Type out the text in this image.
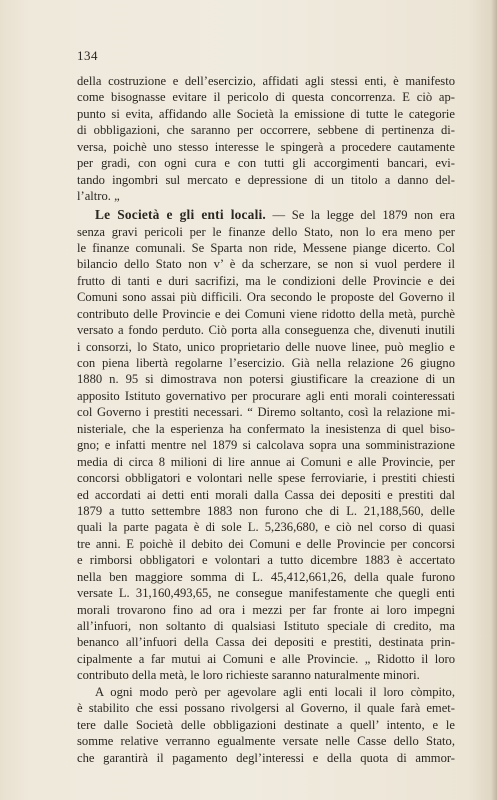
134
della costruzione e dell’esercizio, affidati agli stessi enti, è manifesto
come bisognasse evitare il pericolo di questa concorrenza. E ciò ap-
punto si evita, affidando alle Società la emissione di tutte le categorie
di obbligazioni, che saranno per occorrere, sebbene di pertinenza di-
versa, poichè uno stesso interesse le spingerà a procedere cautamente
per gradi, con ogni cura e con tutti gli accorgimenti bancari, evi-
tando ingombri sul mercato e depressione di un titolo a danno del-
l’altro. „
Le Società e gli enti locali. — Se la legge del 1879 non era
senza gravi pericoli per le finanze dello Stato, non lo era meno per
le finanze comunali. Se Sparta non ride, Messene piange dicerto. Col
bilancio dello Stato non v’ è da scherzare, se non si vuol perdere il
frutto di tanti e duri sacrifizi, ma le condizioni delle Provincie e dei
Comuni sono assai più difficili. Ora secondo le proposte del Governo il
contributo delle Provincie e dei Comuni viene ridotto della metà, purchè
versato a fondo perduto. Ciò porta alla conseguenza che, divenuti inutili
i consorzi, lo Stato, unico proprietario delle nuove linee, può meglio e
con piena libertà regolarne l’esercizio. Già nella relazione 26 giugno
1880 n. 95 si dimostrava non potersi giustificare la creazione di un
apposito Istituto governativo per procurare agli enti morali cointeressati
col Governo i prestiti necessari. “ Diremo soltanto, così la relazione mi-
nisteriale, che la esperienza ha confermato la inesistenza di quel biso-
gno; e infatti mentre nel 1879 si calcolava sopra una somministrazione
media di circa 8 milioni di lire annue ai Comuni e alle Provincie, per
concorsi obbligatori e volontari nelle spese ferroviarie, i prestiti chiesti
ed accordati ai detti enti morali dalla Cassa dei depositi e prestiti dal
1879 a tutto settembre 1883 non furono che di L. 21,188,560, delle
quali la parte pagata è di sole L. 5,236,680, e ciò nel corso di quasi
tre anni. E poichè il debito dei Comuni e delle Provincie per concorsi
e rimborsi obbligatori e volontari a tutto dicembre 1883 è accertato
nella ben maggiore somma di L. 45,412,661,26, della quale furono
versate L. 31,160,493,65, ne consegue manifestamente che quegli enti
morali trovarono fino ad ora i mezzi per far fronte ai loro impegni
all’infuori, non soltanto di qualsiasi Istituto speciale di credito, ma
benanco all’infuori della Cassa dei depositi e prestiti, destinata prin-
cipalmente a far mutui ai Comuni e alle Provincie. „ Ridotto il loro
contributo della metà, le loro richieste saranno naturalmente minori.
A ogni modo però per agevolare agli enti locali il loro còmpito,
è stabilito che essi possano rivolgersi al Governo, il quale farà emet-
tere dalle Società delle obbligazioni destinate a quell’ intento, e le
somme relative verranno egualmente versate nelle Casse dello Stato,
che garantirà il pagamento degl’interessi e della quota di ammor-
